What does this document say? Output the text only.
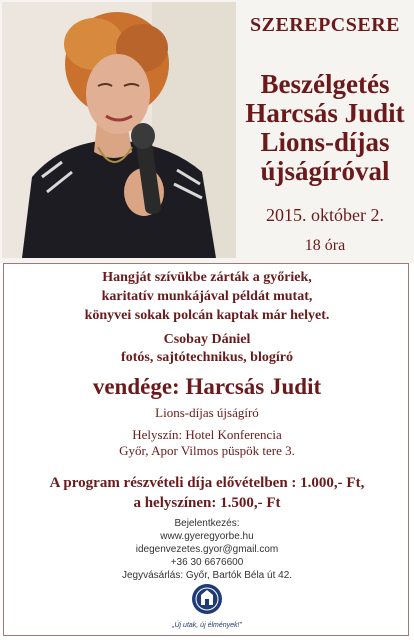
SZEREPCSERE
Beszélgetés
Harcsás Judit
Lions-díjas
újságíróval
2015. október 2.
18 óra
Hangját szívükbe zárták a győriek,
karitatív munkájával példát mutat,
könyvei sokak polcán kaptak már helyet.
Csobay Dániel
fotós, sajtótechnikus, blogíró
vendége: Harcsás Judit
Lions-díjas újságíró
Helyszín: Hotel Konferencia
Győr, Apor Vilmos püspök tere 3.
A program részvételi díja elővételben : 1.000,- Ft,
a helyszínen: 1.500,- Ft
Bejelentkezés:
www.gyeregyorbe.hu
idegenvezetes.gyor@gmail.com
+36 30 6676600
Jegyvásárlás: Győr, Bartók Béla út 42.
„Új utak, új élmények!”
